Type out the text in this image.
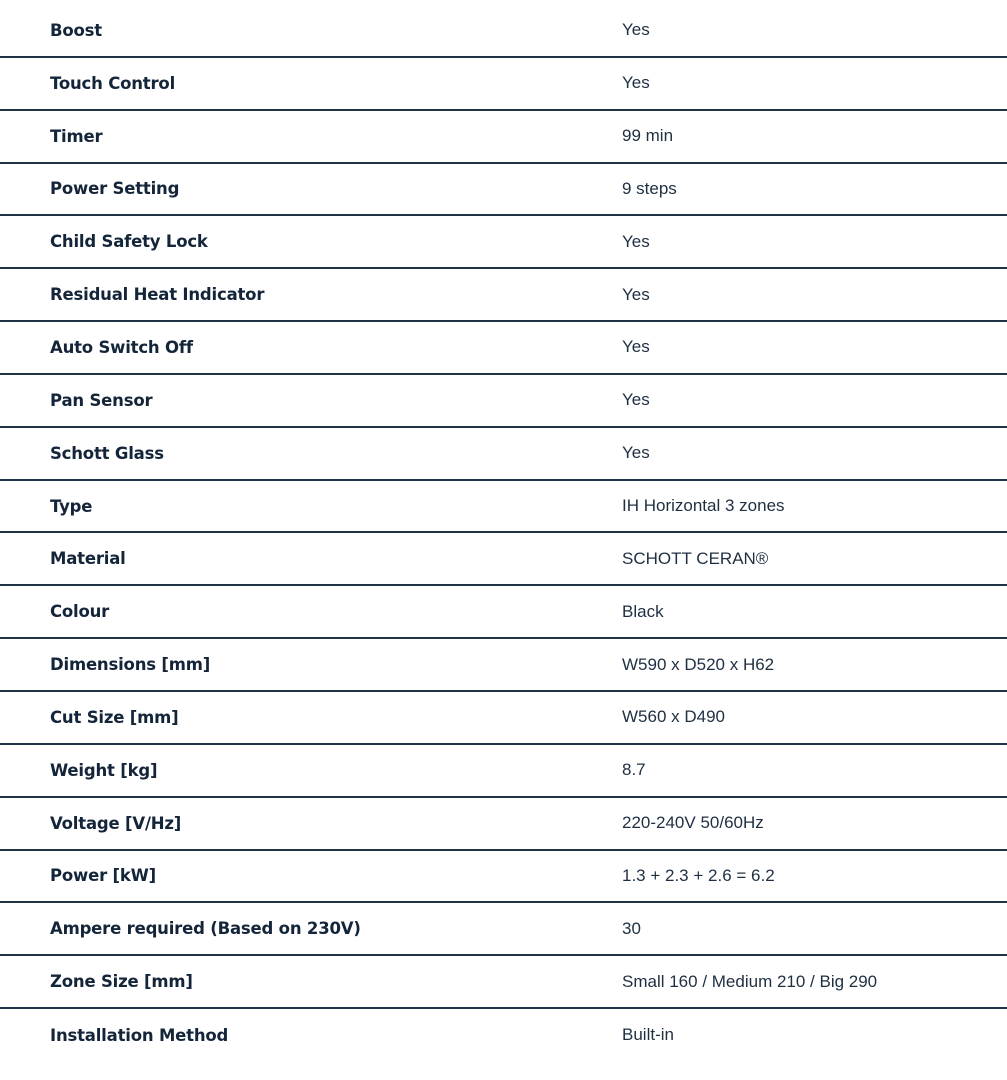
Boost	Yes
Touch Control	Yes
Timer	99 min
Power Setting	9 steps
Child Safety Lock	Yes
Residual Heat Indicator	Yes
Auto Switch Off	Yes
Pan Sensor	Yes
Schott Glass	Yes
Type	IH Horizontal 3 zones
Material	SCHOTT CERAN®
Colour	Black
Dimensions [mm]	W590 x D520 x H62
Cut Size [mm]	W560 x D490
Weight [kg]	8.7
Voltage [V/Hz]	220-240V 50/60Hz
Power [kW]	1.3 + 2.3 + 2.6 = 6.2
Ampere required (Based on 230V)	30
Zone Size [mm]	Small 160 / Medium 210 / Big 290
Installation Method	Built-in
